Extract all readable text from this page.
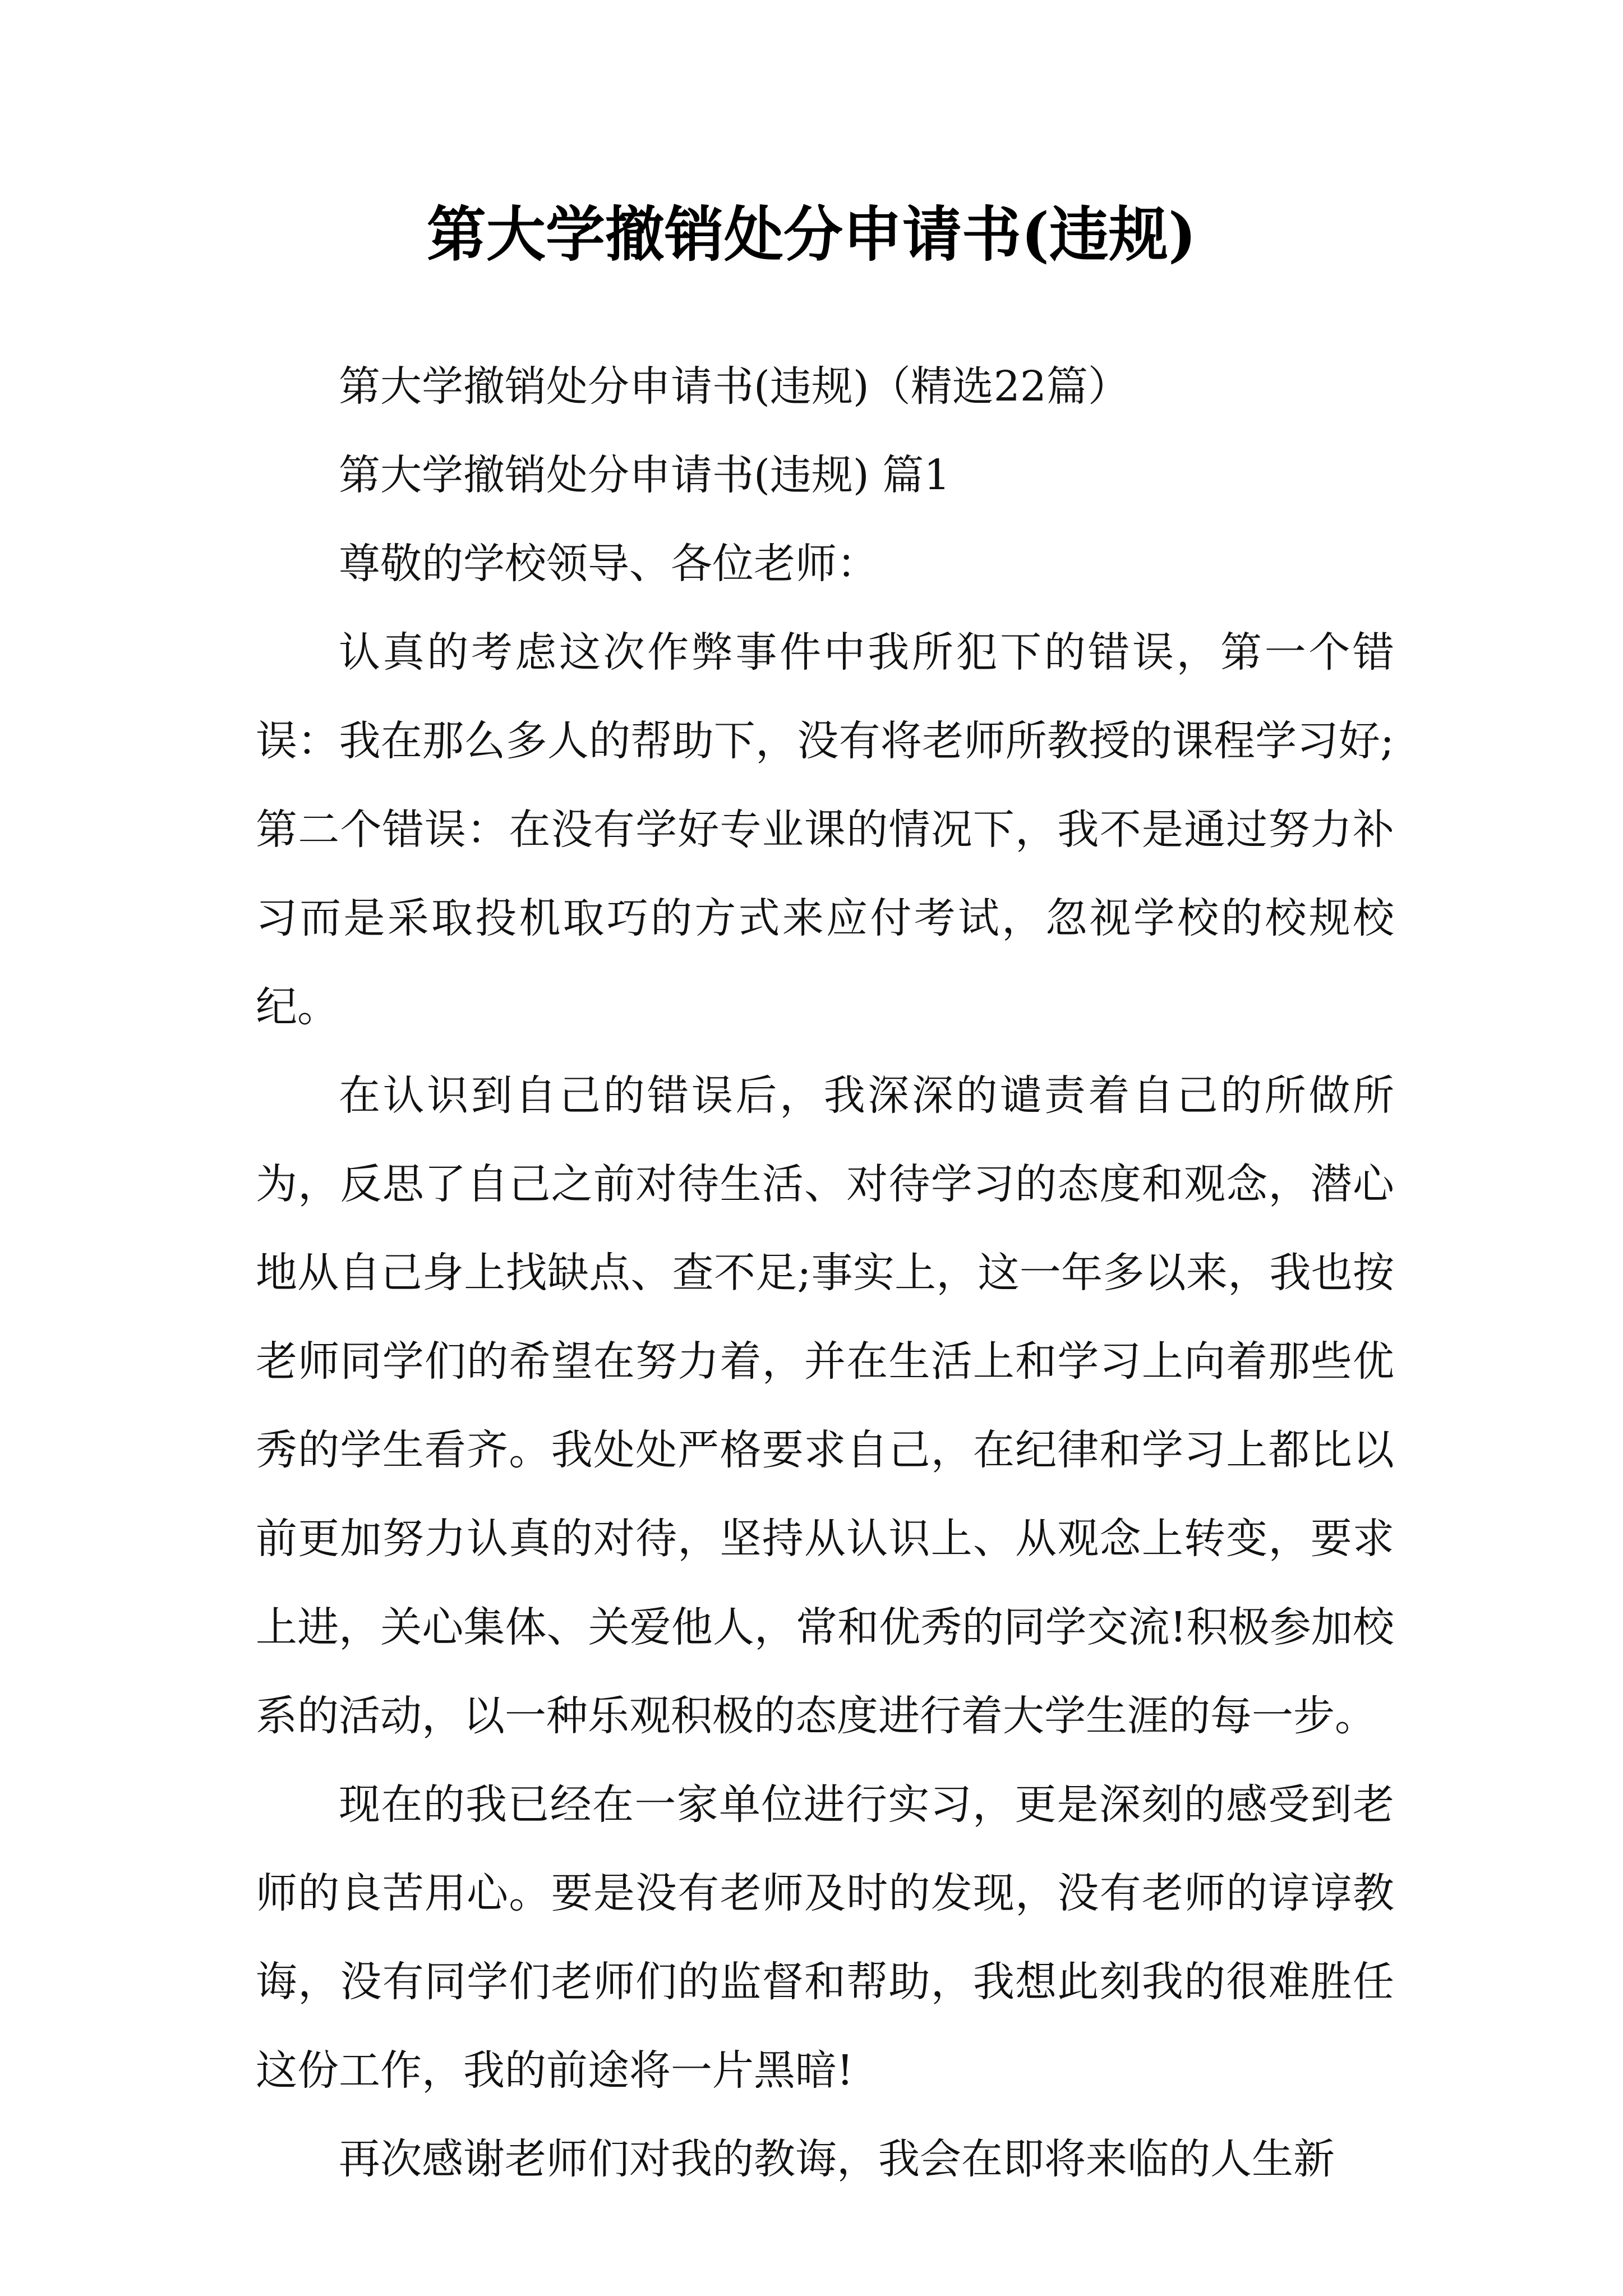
第大学撤销处分申请书(违规)

第大学撤销处分申请书(违规)（精选22篇）

第大学撤销处分申请书(违规) 篇1

尊敬的学校领导、各位老师：

认真的考虑这次作弊事件中我所犯下的错误，第一个错误：我在那么多人的帮助下，没有将老师所教授的课程学习好;第二个错误：在没有学好专业课的情况下，我不是通过努力补习而是采取投机取巧的方式来应付考试，忽视学校的校规校纪。

在认识到自己的错误后，我深深的谴责着自己的所做所为，反思了自己之前对待生活、对待学习的态度和观念，潜心地从自己身上找缺点、查不足;事实上，这一年多以来，我也按老师同学们的希望在努力着，并在生活上和学习上向着那些优秀的学生看齐。我处处严格要求自己，在纪律和学习上都比以前更加努力认真的对待，坚持从认识上、从观念上转变，要求上进，关心集体、关爱他人，常和优秀的同学交流!积极参加校系的活动，以一种乐观积极的态度进行着大学生涯的每一步。

现在的我已经在一家单位进行实习，更是深刻的感受到老师的良苦用心。要是没有老师及时的发现，没有老师的谆谆教诲，没有同学们老师们的监督和帮助，我想此刻我的很难胜任这份工作，我的前途将一片黑暗!

再次感谢老师们对我的教诲，我会在即将来临的人生新
